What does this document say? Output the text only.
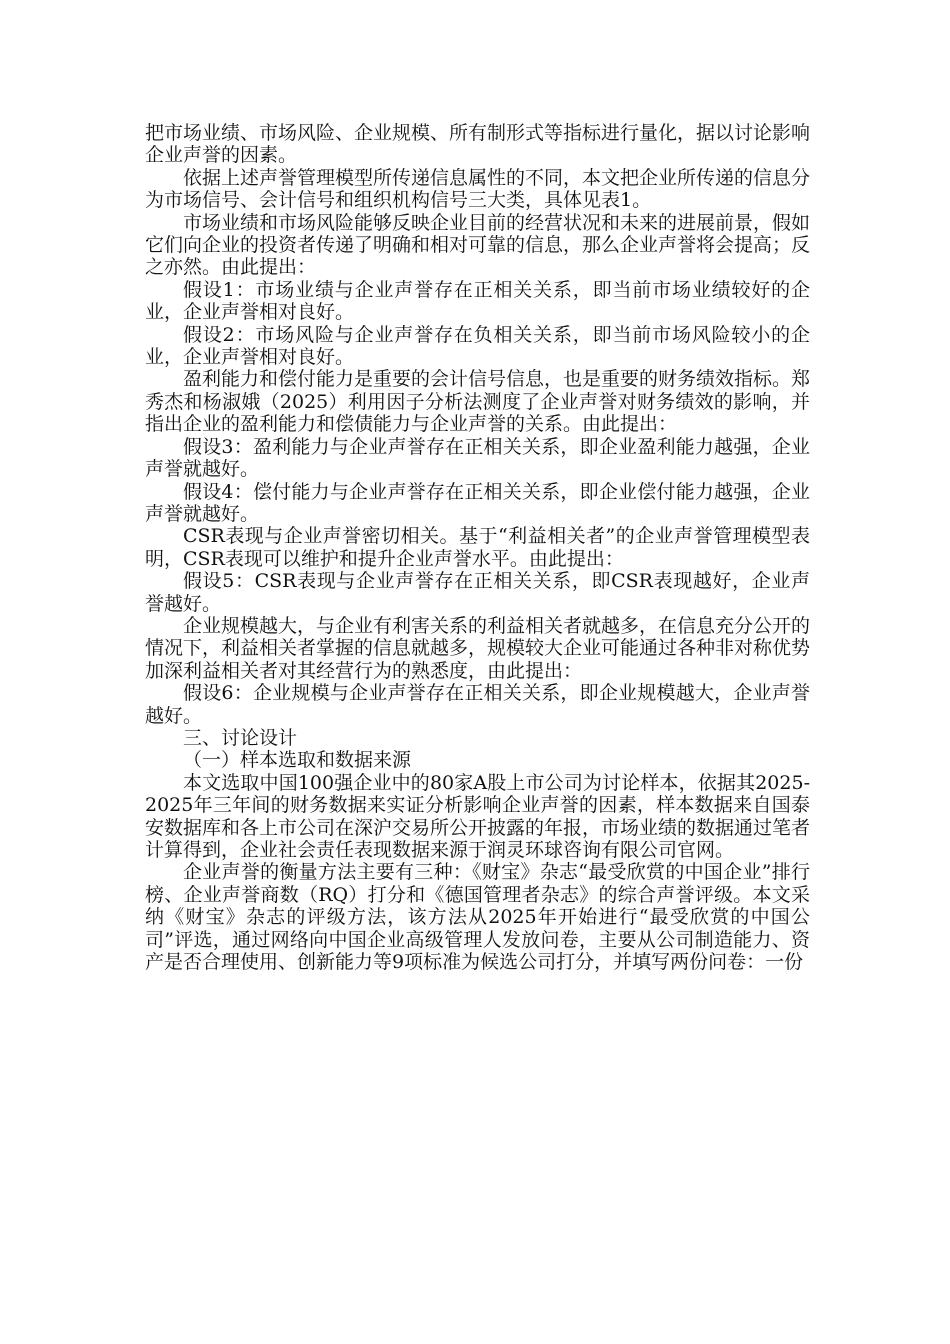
把市场业绩、市场风险、企业规模、所有制形式等指标进行量化，据以讨论影响企业声誉的因素。

依据上述声誉管理模型所传递信息属性的不同，本文把企业所传递的信息分为市场信号、会计信号和组织机构信号三大类，具体见表1。

市场业绩和市场风险能够反映企业目前的经营状况和未来的进展前景，假如它们向企业的投资者传递了明确和相对可靠的信息，那么企业声誉将会提高；反之亦然。由此提出：

假设1：市场业绩与企业声誉存在正相关关系，即当前市场业绩较好的企业，企业声誉相对良好。

假设2：市场风险与企业声誉存在负相关关系，即当前市场风险较小的企业，企业声誉相对良好。

盈利能力和偿付能力是重要的会计信号信息，也是重要的财务绩效指标。郑秀杰和杨淑娥（2025）利用因子分析法测度了企业声誉对财务绩效的影响，并指出企业的盈利能力和偿债能力与企业声誉的关系。由此提出：

假设3：盈利能力与企业声誉存在正相关关系，即企业盈利能力越强，企业声誉就越好。

假设4：偿付能力与企业声誉存在正相关关系，即企业偿付能力越强，企业声誉就越好。

CSR表现与企业声誉密切相关。基于“利益相关者”的企业声誉管理模型表明，CSR表现可以维护和提升企业声誉水平。由此提出：

假设5：CSR表现与企业声誉存在正相关关系，即CSR表现越好，企业声誉越好。

企业规模越大，与企业有利害关系的利益相关者就越多，在信息充分公开的情况下，利益相关者掌握的信息就越多，规模较大企业可能通过各种非对称优势加深利益相关者对其经营行为的熟悉度，由此提出：

假设6：企业规模与企业声誉存在正相关关系，即企业规模越大，企业声誉越好。

三、讨论设计

（一）样本选取和数据来源

本文选取中国100强企业中的80家A股上市公司为讨论样本，依据其2025-2025年三年间的财务数据来实证分析影响企业声誉的因素，样本数据来自国泰安数据库和各上市公司在深沪交易所公开披露的年报，市场业绩的数据通过笔者计算得到，企业社会责任表现数据来源于润灵环球咨询有限公司官网。

企业声誉的衡量方法主要有三种：《财宝》杂志“最受欣赏的中国企业”排行榜、企业声誉商数（RQ）打分和《德国管理者杂志》的综合声誉评级。本文采纳《财宝》杂志的评级方法，该方法从2025年开始进行“最受欣赏的中国公司”评选，通过网络向中国企业高级管理人发放问卷，主要从公司制造能力、资产是否合理使用、创新能力等9项标准为候选公司打分，并填写两份问卷：一份
